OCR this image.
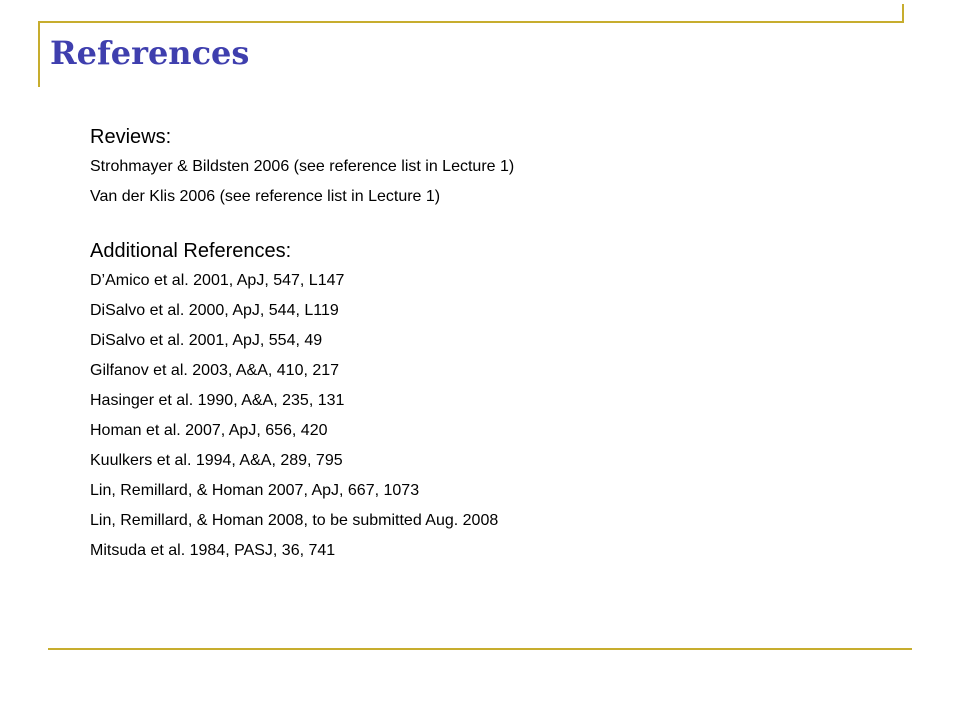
References

Reviews:

Strohmayer & Bildsten 2006 (see reference list in Lecture 1)

Van der Klis 2006 (see reference list in Lecture 1)

Additional References:

D’Amico et al. 2001, ApJ, 547, L147

DiSalvo et al. 2000, ApJ, 544, L119

DiSalvo et al. 2001, ApJ, 554, 49

Gilfanov et al. 2003, A&A, 410, 217

Hasinger et al. 1990, A&A, 235, 131

Homan et al. 2007, ApJ, 656, 420

Kuulkers et al. 1994, A&A, 289, 795

Lin, Remillard, & Homan 2007, ApJ, 667, 1073

Lin, Remillard, & Homan 2008, to be submitted Aug. 2008

Mitsuda et al. 1984, PASJ, 36, 741
